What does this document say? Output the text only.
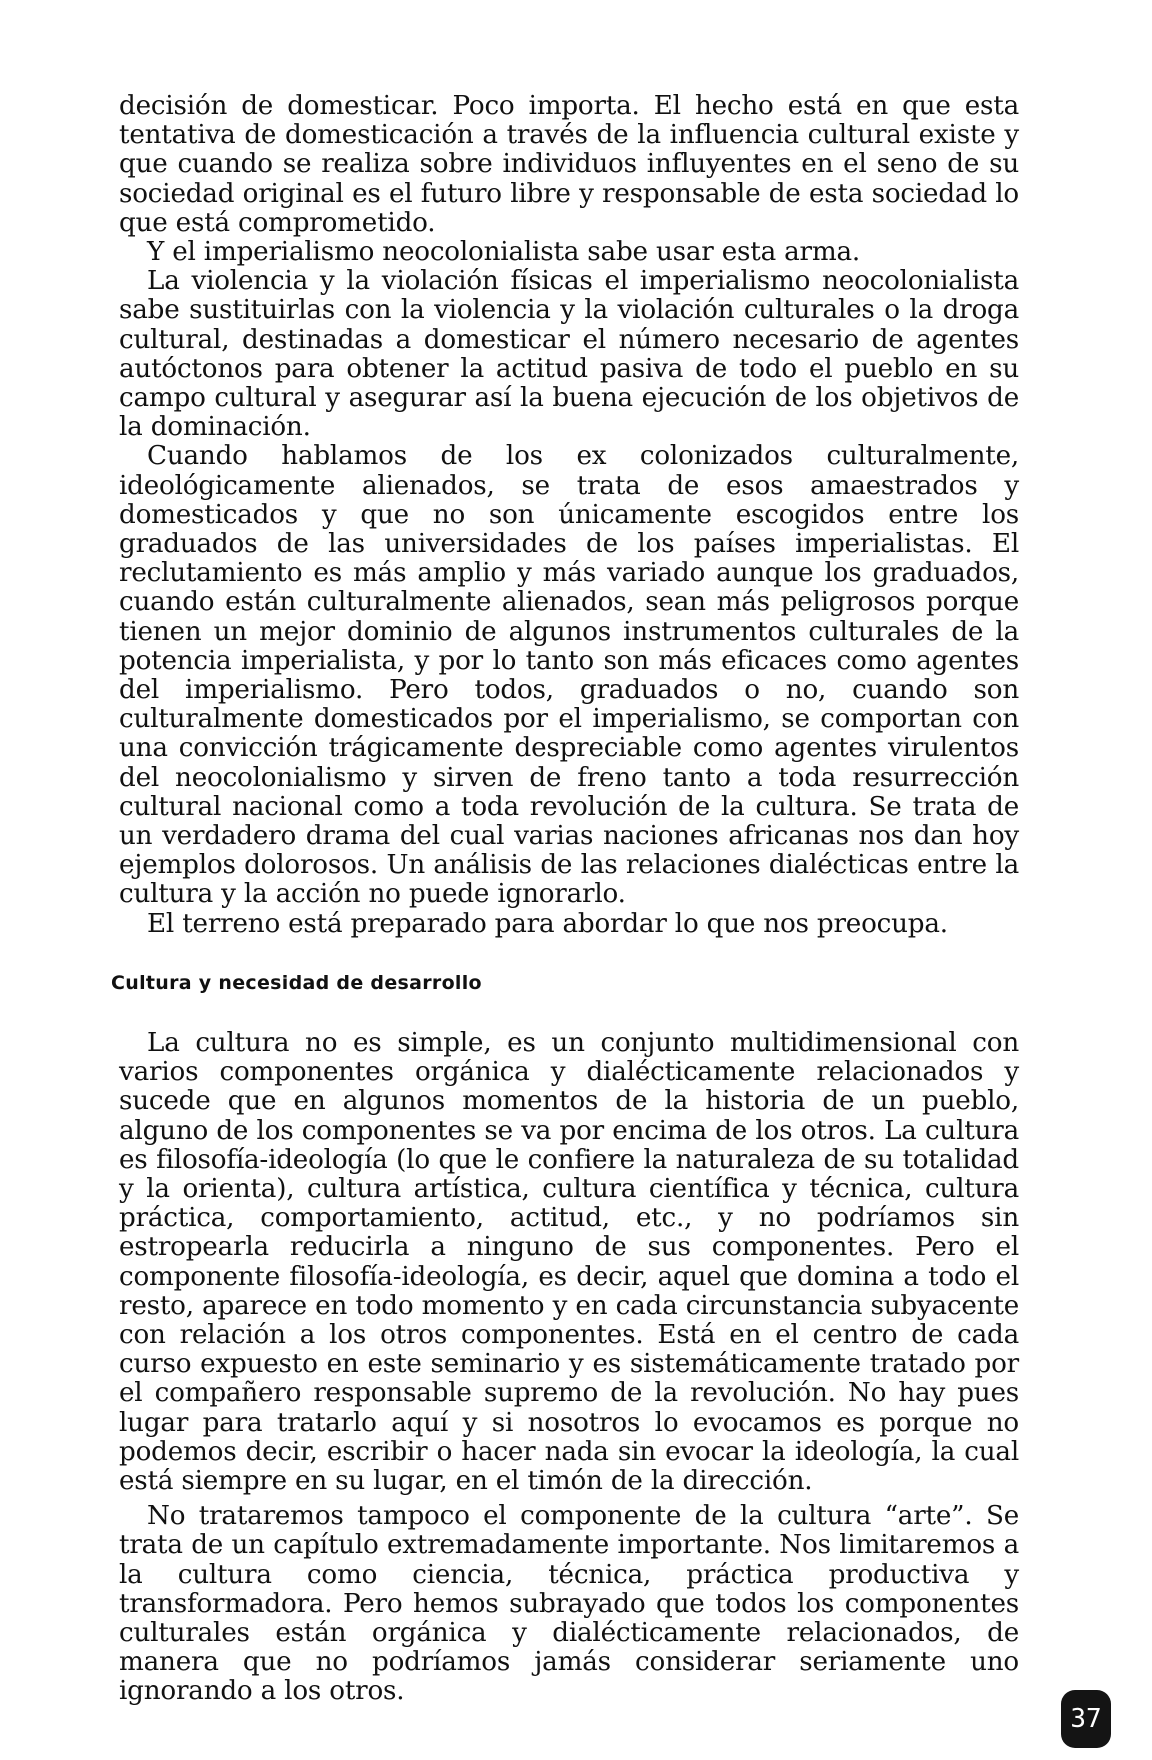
decisión de domesticar. Poco importa. El hecho está en que esta tentativa de domesticación a través de la influencia cultural existe y que cuando se realiza sobre individuos influyentes en el seno de su sociedad original es el futuro libre y responsable de esta sociedad lo que está comprometido.

Y el imperialismo neocolonialista sabe usar esta arma.

La violencia y la violación físicas el imperialismo neocolonialista sabe sustituirlas con la violencia y la violación culturales o la droga cultural, destinadas a domesticar el número necesario de agentes autóctonos para obtener la actitud pasiva de todo el pueblo en su campo cultural y asegurar así la buena ejecución de los objetivos de la dominación.

Cuando hablamos de los ex colonizados culturalmente, ideológicamente alienados, se trata de esos amaestrados y domesticados y que no son únicamente escogidos entre los graduados de las universidades de los países imperialistas. El reclutamiento es más amplio y más variado aunque los graduados, cuando están culturalmente alienados, sean más peligrosos porque tienen un mejor dominio de algunos instrumentos culturales de la potencia imperialista, y por lo tanto son más eficaces como agentes del imperialismo. Pero todos, graduados o no, cuando son culturalmente domesticados por el imperialismo, se comportan con una convicción trágicamente despreciable como agentes virulentos del neocolonialismo y sirven de freno tanto a toda resurrección cultural nacional como a toda revolución de la cultura. Se trata de un verdadero drama del cual varias naciones africanas nos dan hoy ejemplos dolorosos. Un análisis de las relaciones dialécticas entre la cultura y la acción no puede ignorarlo.

El terreno está preparado para abordar lo que nos preocupa.

Cultura y necesidad de desarrollo

La cultura no es simple, es un conjunto multidimensional con varios componentes orgánica y dialécticamente relacionados y sucede que en algunos momentos de la historia de un pueblo, alguno de los componentes se va por encima de los otros. La cultura es filosofía-ideología (lo que le confiere la naturaleza de su totalidad y la orienta), cultura artística, cultura científica y técnica, cultura práctica, comportamiento, actitud, etc., y no podríamos sin estropearla reducirla a ninguno de sus componentes. Pero el componente filosofía-ideología, es decir, aquel que domina a todo el resto, aparece en todo momento y en cada circunstancia subyacente con relación a los otros componentes. Está en el centro de cada curso expuesto en este seminario y es sistemáticamente tratado por el compañero responsable supremo de la revolución. No hay pues lugar para tratarlo aquí y si nosotros lo evocamos es porque no podemos decir, escribir o hacer nada sin evocar la ideología, la cual está siempre en su lugar, en el timón de la dirección.

No trataremos tampoco el componente de la cultura “arte”. Se trata de un capítulo extremadamente importante. Nos limitaremos a la cultura como ciencia, técnica, práctica productiva y transformadora. Pero hemos subrayado que todos los componentes culturales están orgánica y dialécticamente relacionados, de manera que no podríamos jamás considerar seriamente uno ignorando a los otros.

37
